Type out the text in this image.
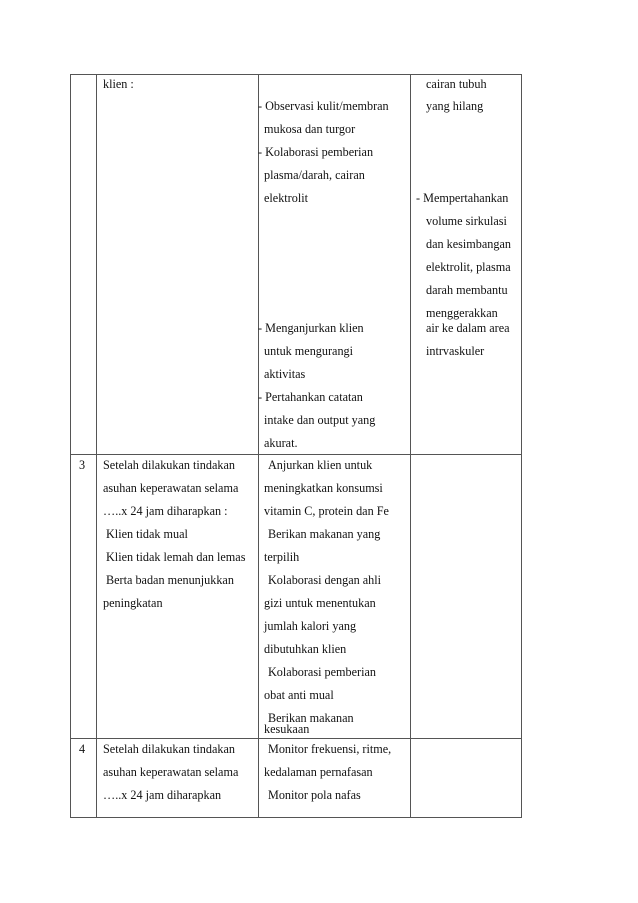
klien :
- Observasi kulit/membran
mukosa dan turgor
- Kolaborasi pemberian
plasma/darah, cairan
elektrolit
- Menganjurkan klien
untuk mengurangi
aktivitas
- Pertahankan catatan
intake dan output yang
akurat.
cairan tubuh
yang hilang
- Mempertahankan
volume sirkulasi
dan kesimbangan
elektrolit, plasma
darah membantu
menggerakkan
air ke dalam area
intrvaskuler
3 Setelah dilakukan tindakan
asuhan keperawatan selama
…..x 24 jam diharapkan :
Klien tidak mual
Klien tidak lemah dan lemas
Berta badan menunjukkan
peningkatan
Anjurkan klien untuk
meningkatkan konsumsi
vitamin C, protein dan Fe
Berikan makanan yang
terpilih
Kolaborasi dengan ahli
gizi untuk menentukan
jumlah kalori yang
dibutuhkan klien
Kolaborasi pemberian
obat anti mual
Berikan makanan
kesukaan
4 Setelah dilakukan tindakan
asuhan keperawatan selama
…..x 24 jam diharapkan
Monitor frekuensi, ritme,
kedalaman pernafasan
Monitor pola nafas
